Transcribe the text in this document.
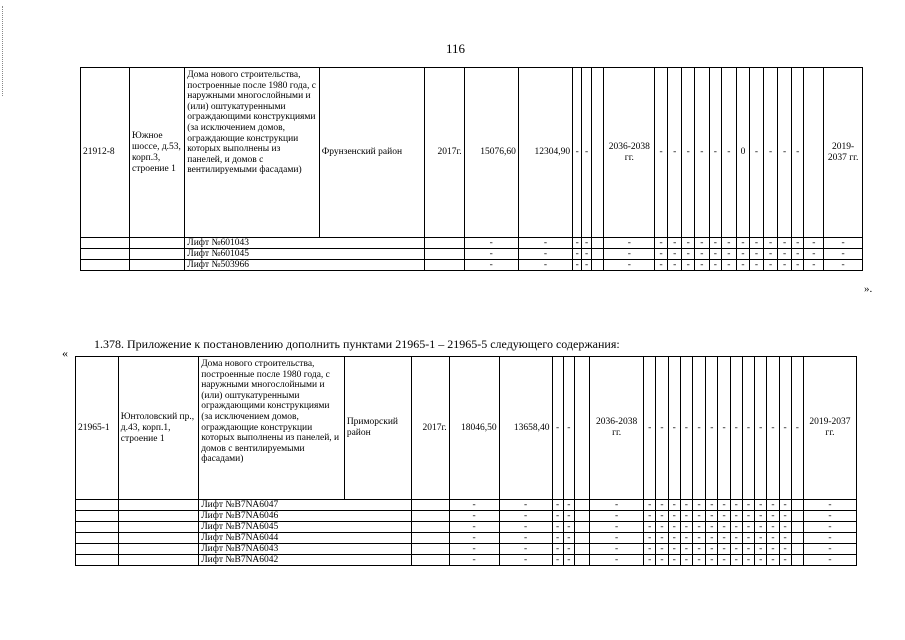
116
21912-8	Южное шоссе, д.53, корп.3, строение 1	Дома нового строительства, построенные после 1980 года, с наружными многослойными и (или) оштукатуренными ограждающими конструкциями (за исключением домов, ограждающие конструкции которых выполнены из панелей, и домов с вентилируемыми фасадами)	Фрунзенский район	2017г.	15076,60	12304,90	-	-		2036-2038 гг.	-	-	-	-	-	-	0	-	-	-	-		2019-2037 гг.
		Лифт №601043			-	-	-	-		-	-	-	-	-	-	-	-	-	-	-	-	-	-
		Лифт №601045			-	-	-	-		-	-	-	-	-	-	-	-	-	-	-	-	-	-
		Лифт №503966			-	-	-	-		-	-	-	-	-	-	-	-	-	-	-	-	-	-
».
1.378. Приложение к постановлению дополнить пунктами 21965-1 – 21965-5 следующего содержания:
«
21965-1	Юнтоловский пр., д.43, корп.1, строение 1	Дома нового строительства, построенные после 1980 года, с наружными многослойными и (или) оштукатуренными ограждающими конструкциями (за исключением домов, ограждающие конструкции которых выполнены из панелей, и домов с вентилируемыми фасадами)	Приморский район	2017г.	18046,50	13658,40	-	-		2036-2038 гг.	-	-	-	-	-	-	-	-	-	-	-	-	-	2019-2037 гг.
		Лифт №B7NA6047			-	-	-	-		-	-	-	-	-	-	-	-	-	-	-	-	-		-
		Лифт №B7NA6046			-	-	-	-		-	-	-	-	-	-	-	-	-	-	-	-	-		-
		Лифт №B7NA6045			-	-	-	-		-	-	-	-	-	-	-	-	-	-	-	-	-		-
		Лифт №B7NA6044			-	-	-	-		-	-	-	-	-	-	-	-	-	-	-	-	-		-
		Лифт №B7NA6043			-	-	-	-		-	-	-	-	-	-	-	-	-	-	-	-	-		-
		Лифт №B7NA6042			-	-	-	-		-	-	-	-	-	-	-	-	-	-	-	-	-		-
